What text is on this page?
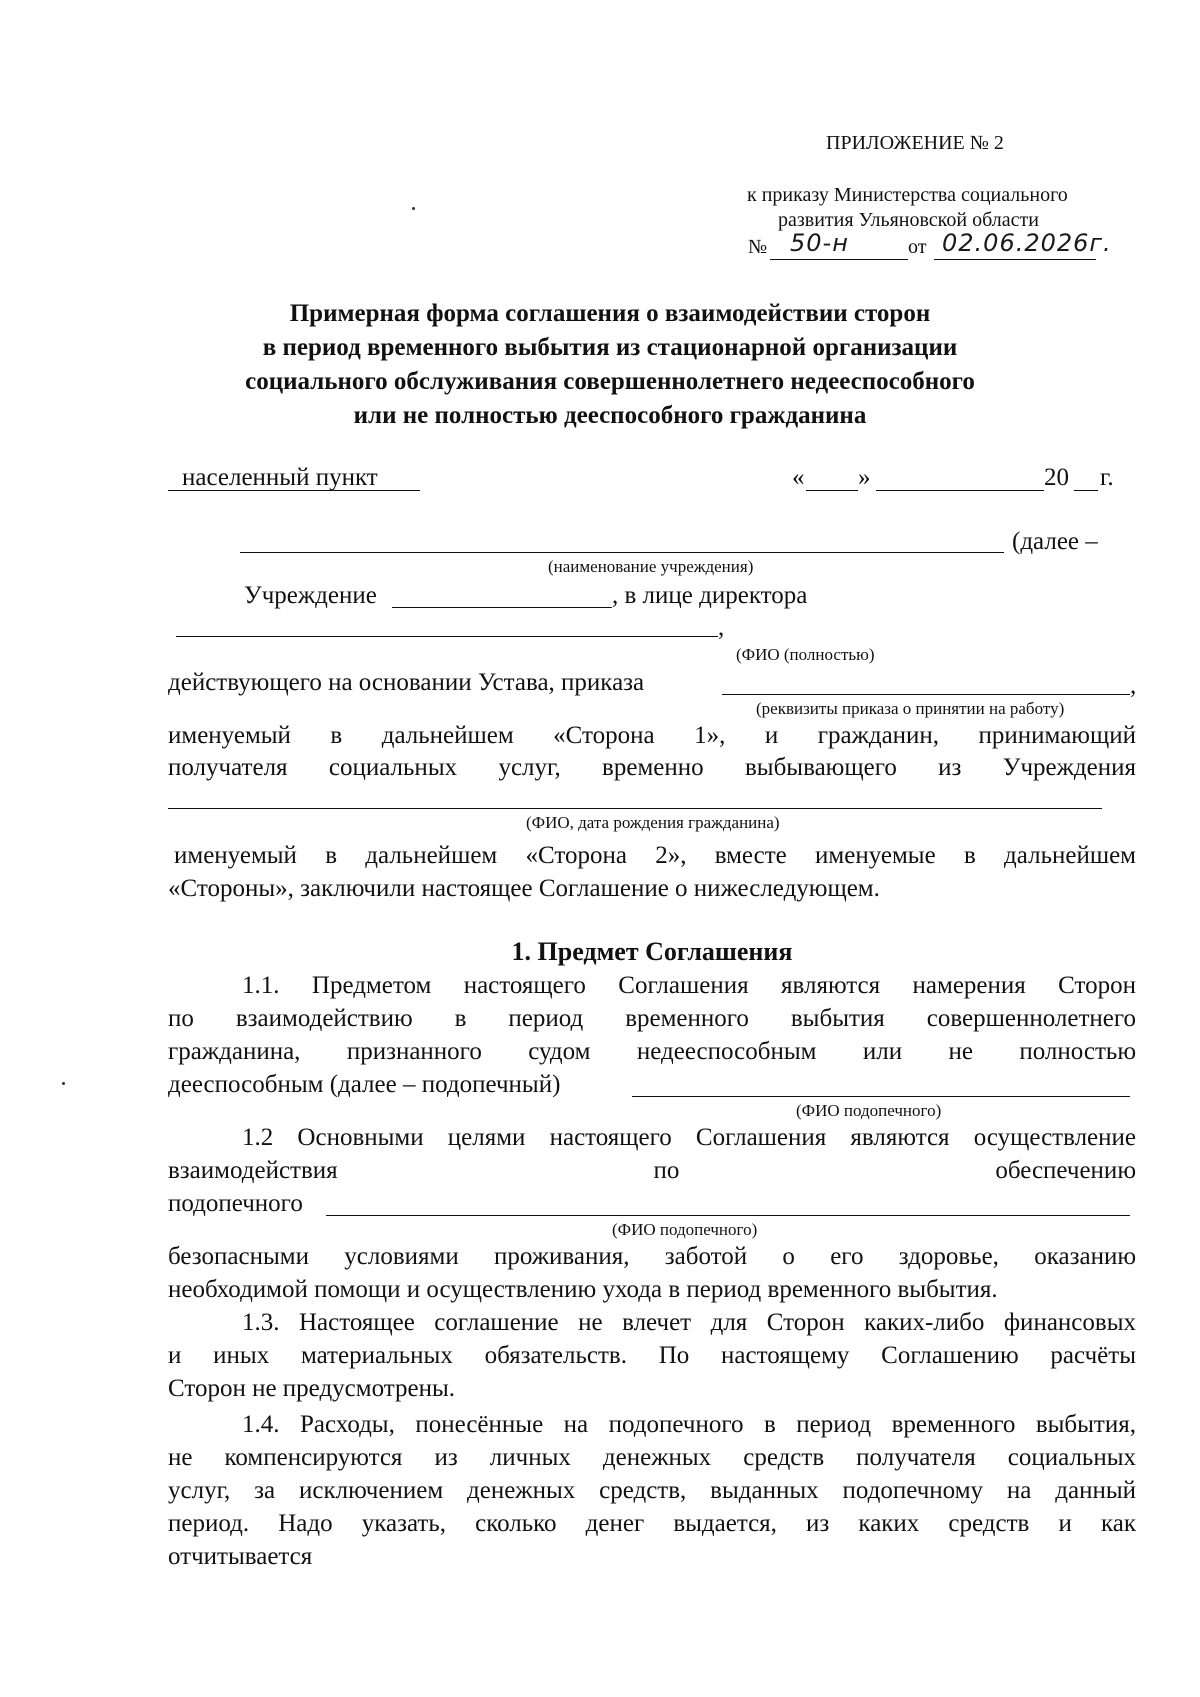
ПРИЛОЖЕНИЕ № 2
к приказу Министерства социального
развития Ульяновской области
№ 50-н	от 02.06.2026г.
Примерная форма соглашения о взаимодействии сторон
в период временного выбытия из стационарной организации
социального обслуживания совершеннолетнего недееспособного
или не полностью дееспособного гражданина
населенный пункт	« »	20 г.
(далее –
(наименование учреждения)
Учреждение	, в лице директора
,
(ФИО (полностью)
действующего на основании Устава, приказа	,
(реквизиты приказа о принятии на работу)
именуемый в дальнейшем «Сторона 1», и гражданин, принимающий
получателя социальных услуг, временно выбывающего из Учреждения
(ФИО, дата рождения гражданина)
именуемый в дальнейшем «Сторона 2», вместе именуемые в дальнейшем
«Стороны», заключили настоящее Соглашение о нижеследующем.
1. Предмет Соглашения
1.1. Предметом настоящего Соглашения являются намерения Сторон
по взаимодействию в период временного выбытия совершеннолетнего
гражданина, признанного судом недееспособным или не полностью
дееспособным (далее – подопечный)
(ФИО подопечного)
1.2 Основными целями настоящего Соглашения являются осуществление
взаимодействия по обеспечению
подопечного
(ФИО подопечного)
безопасными условиями проживания, заботой о его здоровье, оказанию
необходимой помощи и осуществлению ухода в период временного выбытия.
1.3. Настоящее соглашение не влечет для Сторон каких-либо финансовых
и иных материальных обязательств. По настоящему Соглашению расчёты
Сторон не предусмотрены.
1.4. Расходы, понесённые на подопечного в период временного выбытия,
не компенсируются из личных денежных средств получателя социальных
услуг, за исключением денежных средств, выданных подопечному на данный
период. Надо указать, сколько денег выдается, из каких средств и как
отчитывается
